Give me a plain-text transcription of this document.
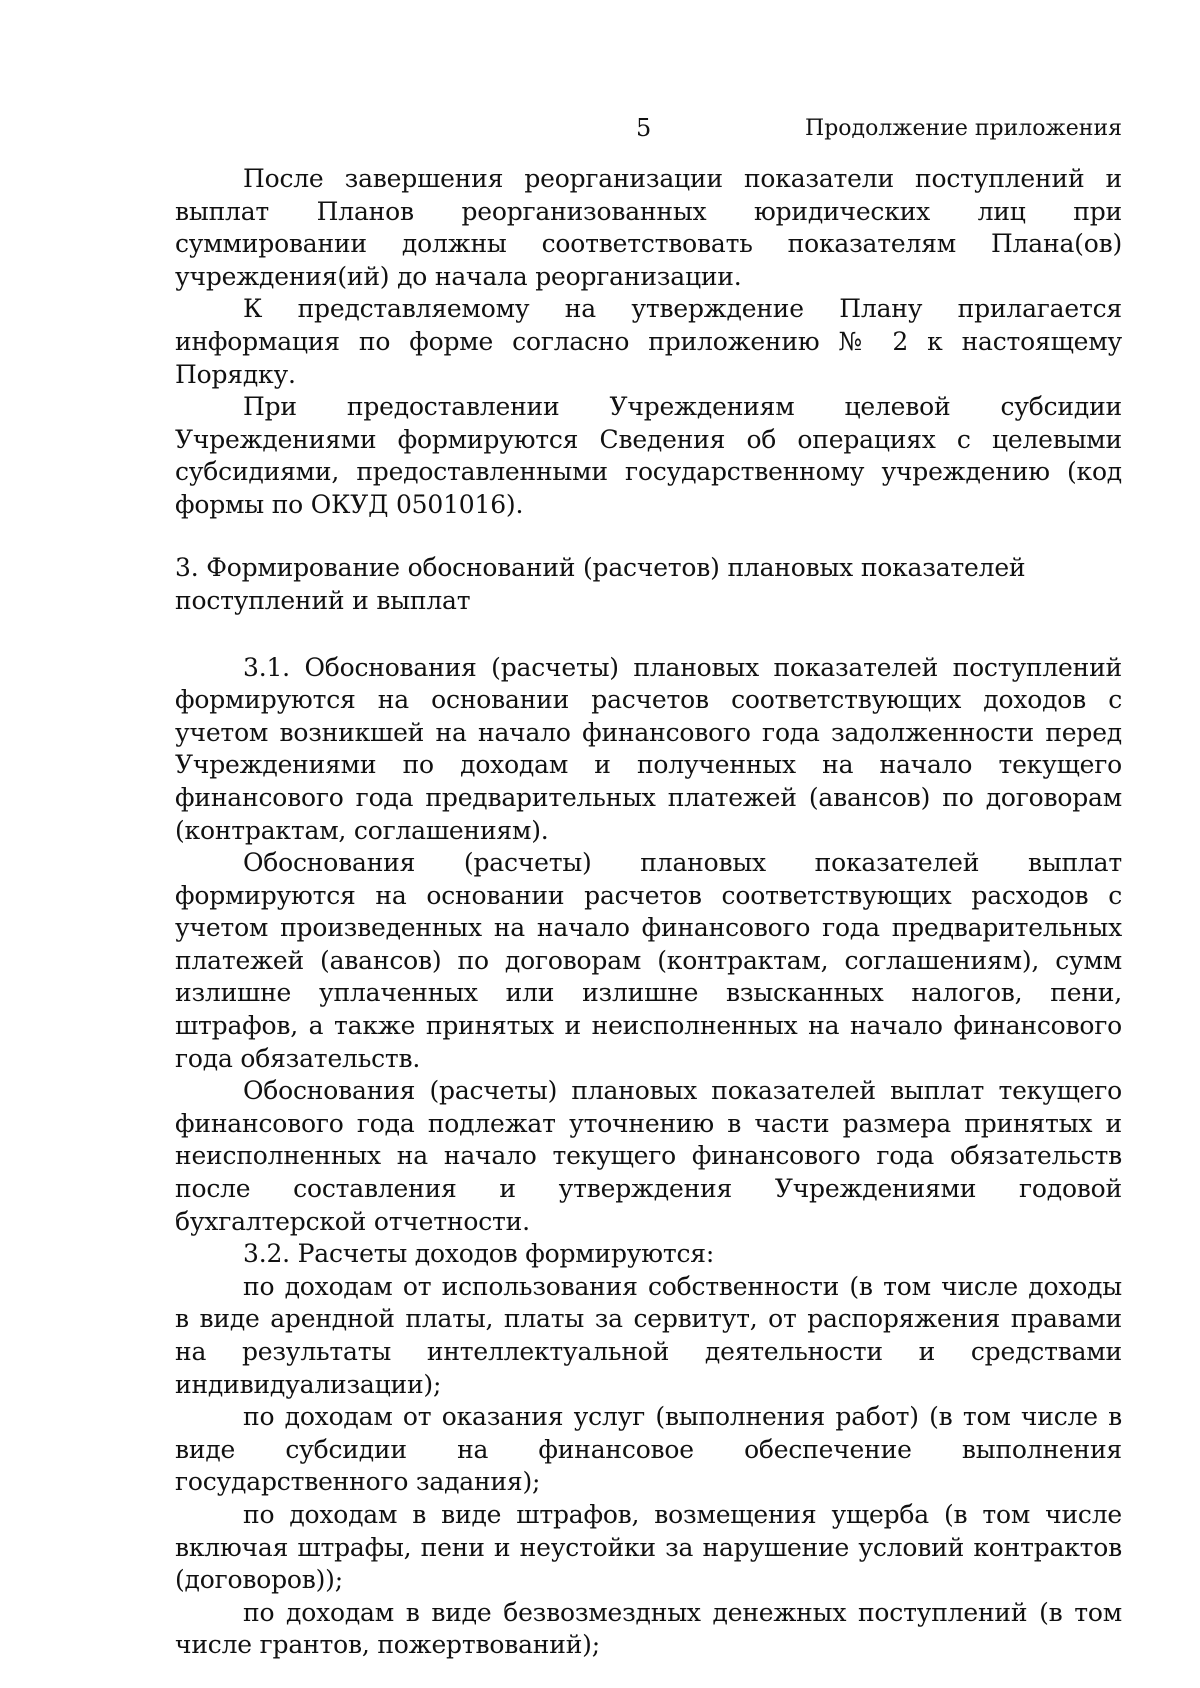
5	Продолжение приложения

После завершения реорганизации показатели поступлений и выплат Планов реорганизованных юридических лиц при суммировании должны соответствовать показателям Плана(ов) учреждения(ий) до начала реорганизации.

К представляемому на утверждение Плану прилагается информация по форме согласно приложению № 2 к настоящему Порядку.

При предоставлении Учреждениям целевой субсидии Учреждениями формируются Сведения об операциях с целевыми субсидиями, предоставленными государственному учреждению (код формы по ОКУД 0501016).

3. Формирование обоснований (расчетов) плановых показателей
поступлений и выплат

3.1. Обоснования (расчеты) плановых показателей поступлений формируются на основании расчетов соответствующих доходов с учетом возникшей на начало финансового года задолженности перед Учреждениями по доходам и полученных на начало текущего финансового года предварительных платежей (авансов) по договорам (контрактам, соглашениям).

Обоснования (расчеты) плановых показателей выплат формируются на основании расчетов соответствующих расходов с учетом произведенных на начало финансового года предварительных платежей (авансов) по договорам (контрактам, соглашениям), сумм излишне уплаченных или излишне взысканных налогов, пени, штрафов, а также принятых и неисполненных на начало финансового года обязательств.

Обоснования (расчеты) плановых показателей выплат текущего финансового года подлежат уточнению в части размера принятых и неисполненных на начало текущего финансового года обязательств после составления и утверждения Учреждениями годовой бухгалтерской отчетности.

3.2. Расчеты доходов формируются:

по доходам от использования собственности (в том числе доходы в виде арендной платы, платы за сервитут, от распоряжения правами на результаты интеллектуальной деятельности и средствами индивидуализации);

по доходам от оказания услуг (выполнения работ) (в том числе в виде субсидии на финансовое обеспечение выполнения государственного задания);

по доходам в виде штрафов, возмещения ущерба (в том числе включая штрафы, пени и неустойки за нарушение условий контрактов (договоров));

по доходам в виде безвозмездных денежных поступлений (в том числе грантов, пожертвований);
